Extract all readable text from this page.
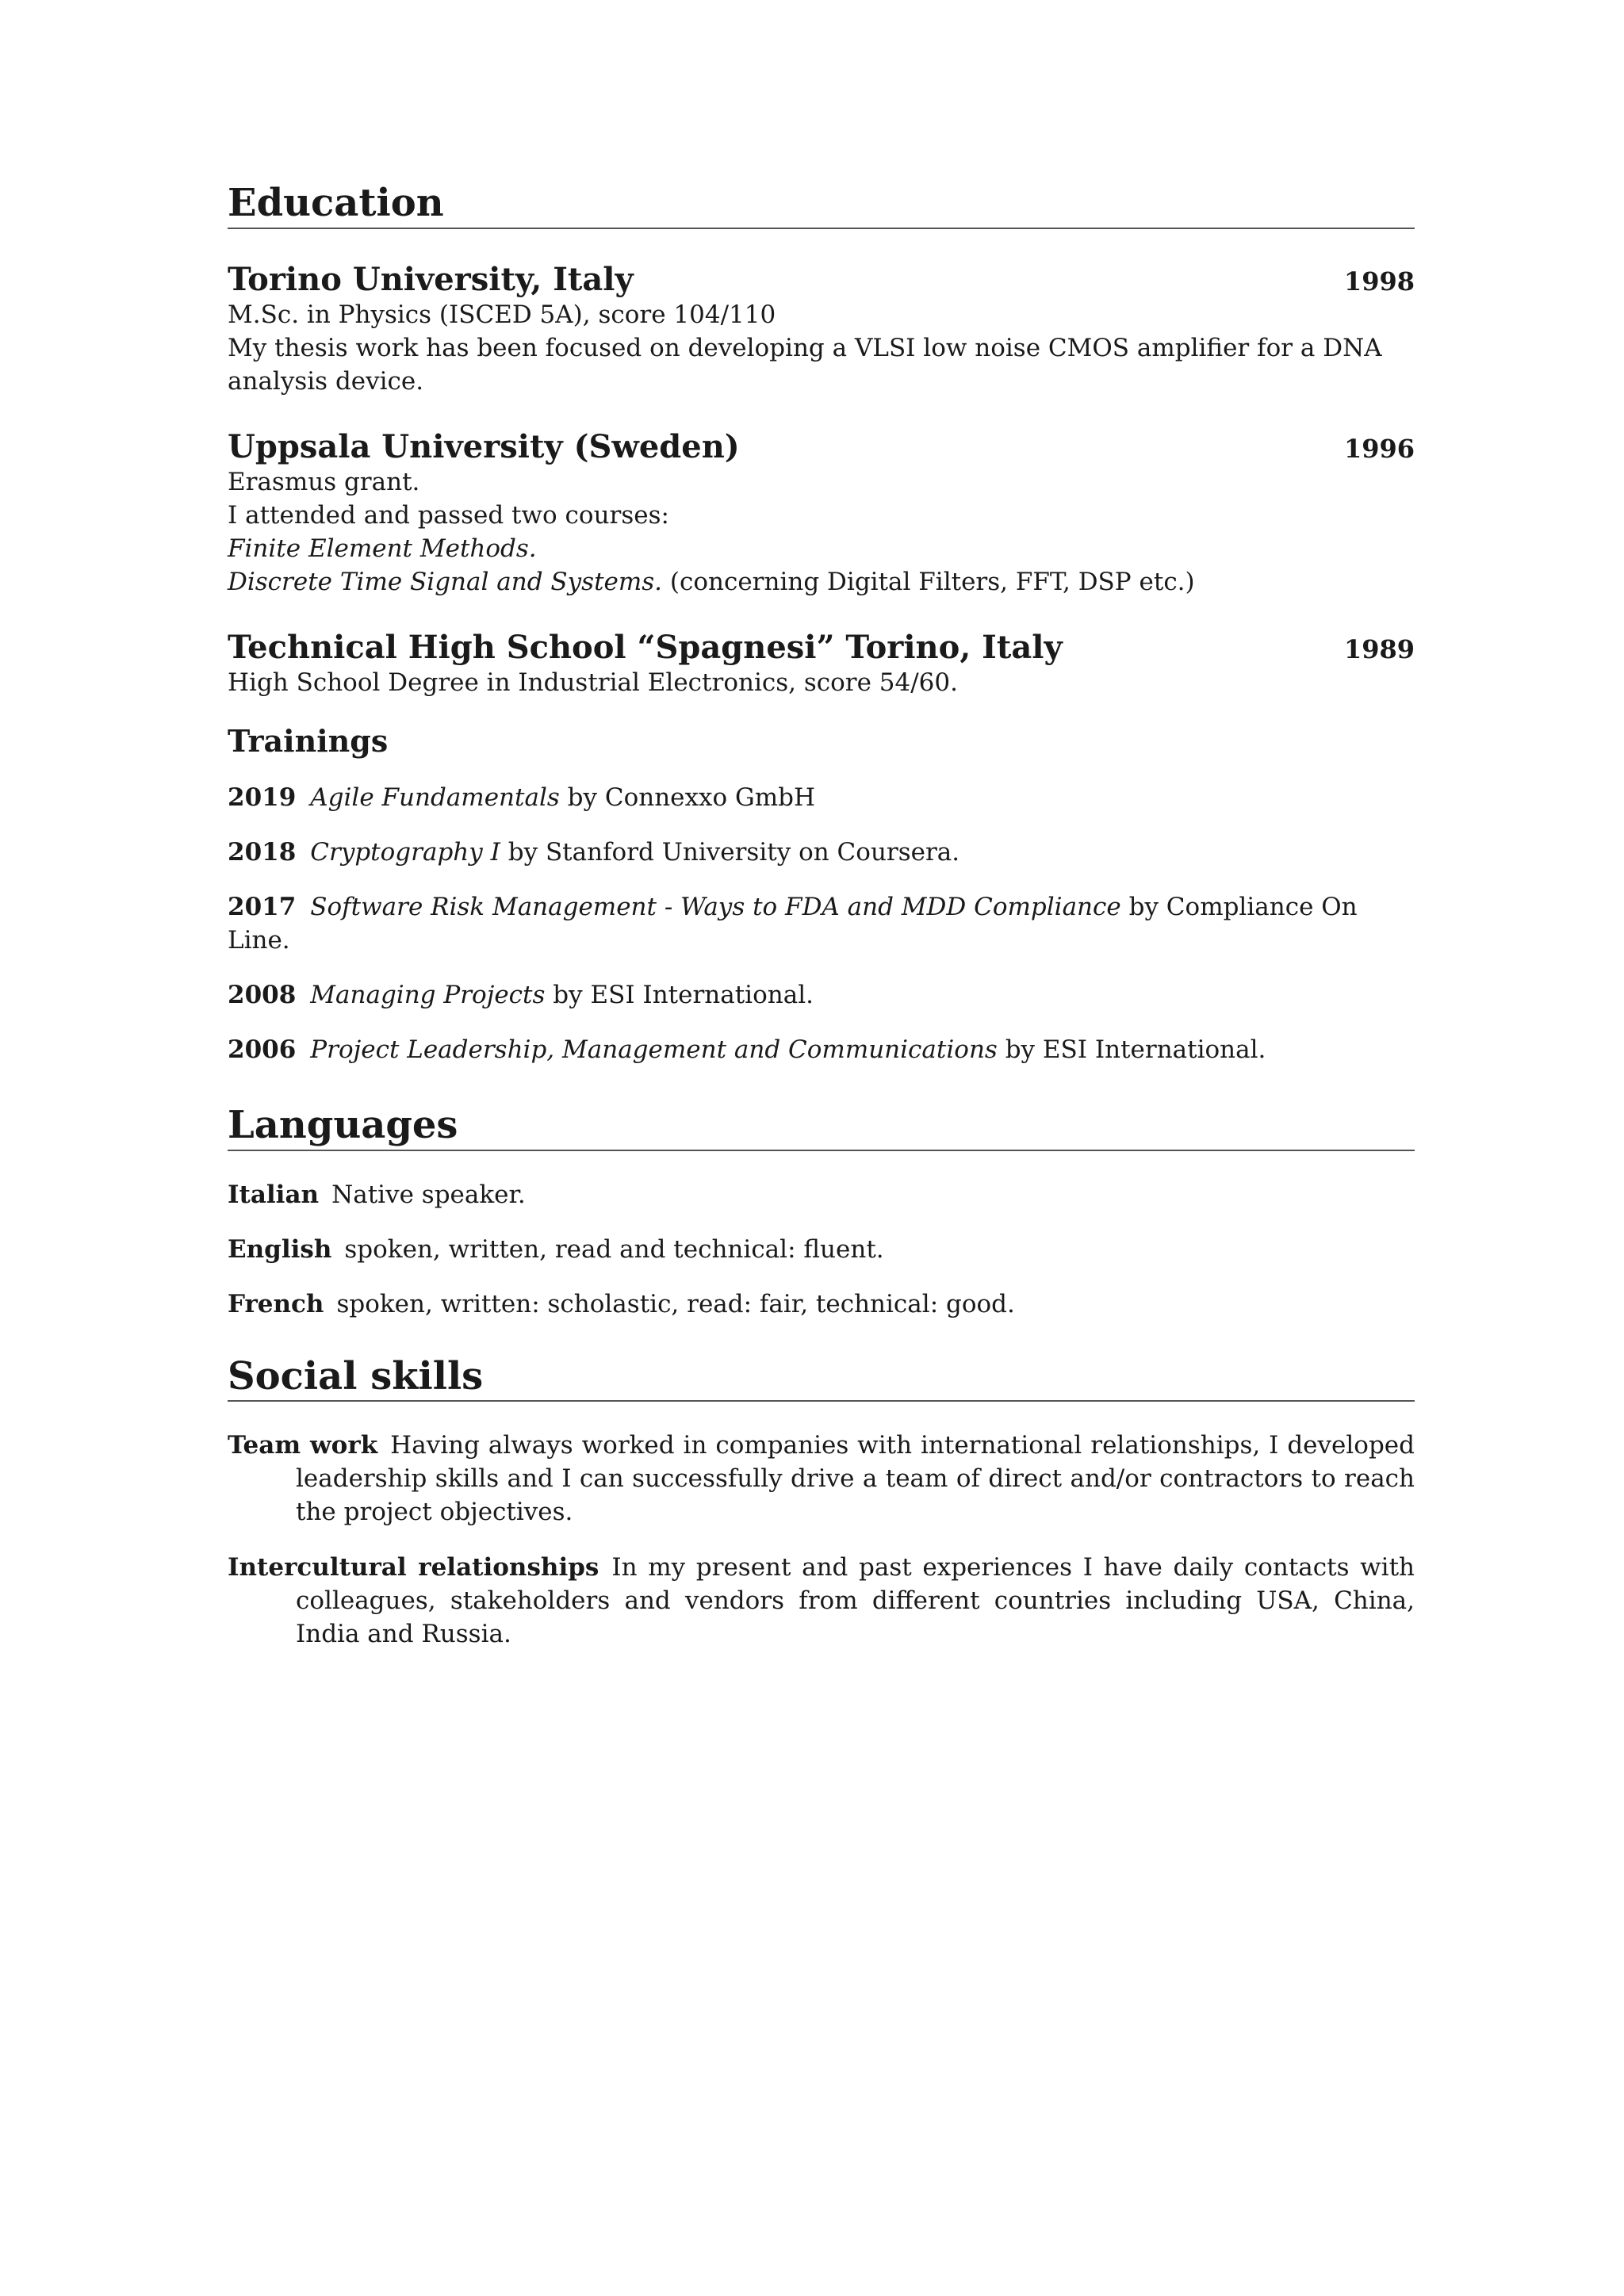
Education
Torino University, Italy	1998
M.Sc. in Physics (ISCED 5A), score 104/110
My thesis work has been focused on developing a VLSI low noise CMOS amplifier for a DNA analysis device.
Uppsala University (Sweden)	1996
Erasmus grant.
I attended and passed two courses:
Finite Element Methods.
Discrete Time Signal and Systems. (concerning Digital Filters, FFT, DSP etc.)
Technical High School “Spagnesi” Torino, Italy	1989
High School Degree in Industrial Electronics, score 54/60.
Trainings
2019 Agile Fundamentals by Connexxo GmbH
2018 Cryptography I by Stanford University on Coursera.
2017 Software Risk Management - Ways to FDA and MDD Compliance by Compliance On Line.
2008 Managing Projects by ESI International.
2006 Project Leadership, Management and Communications by ESI International.
Languages
Italian Native speaker.
English spoken, written, read and technical: fluent.
French spoken, written: scholastic, read: fair, technical: good.
Social skills
Team work Having always worked in companies with international relationships, I developed leadership skills and I can successfully drive a team of direct and/or contractors to reach the project objectives.
Intercultural relationships In my present and past experiences I have daily contacts with colleagues, stakeholders and vendors from different countries including USA, China, India and Russia.
